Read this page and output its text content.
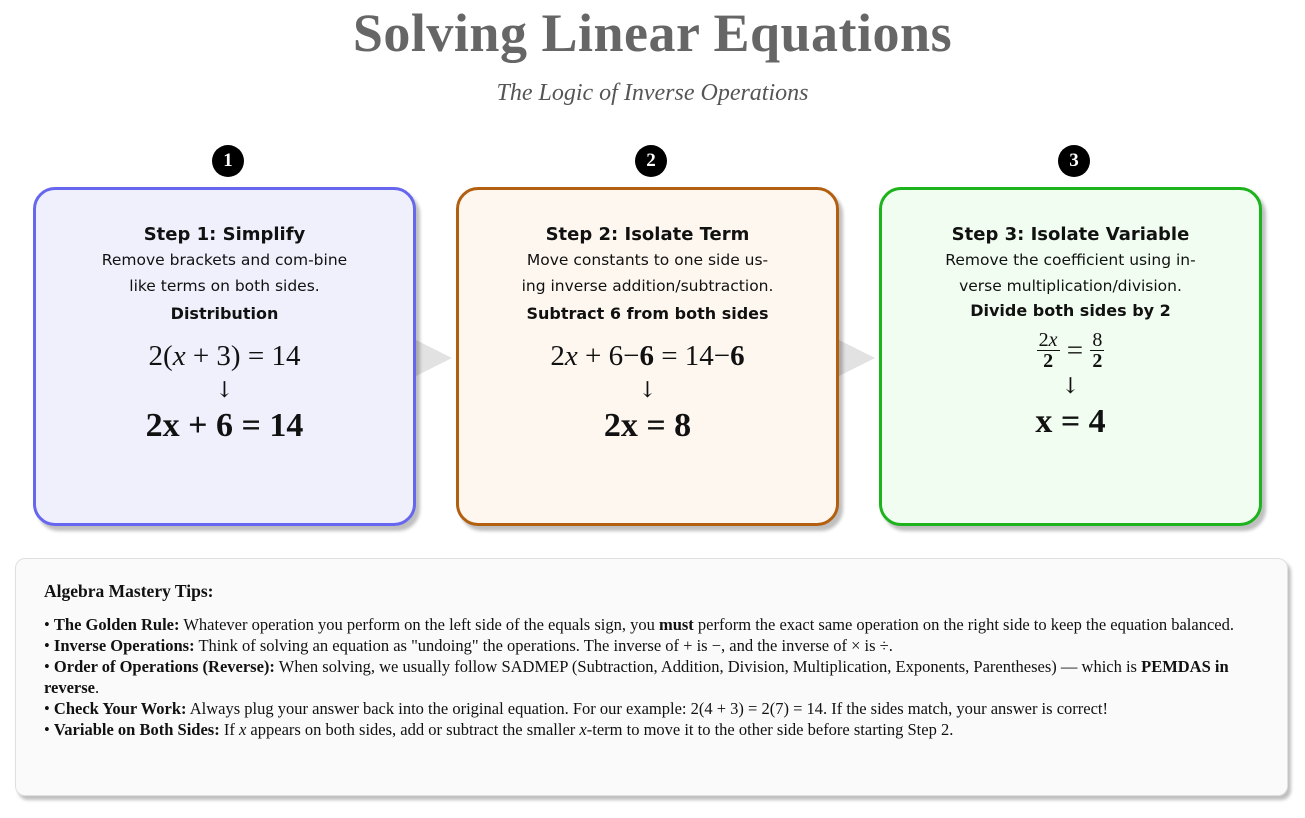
Solving Linear Equations
The Logic of Inverse Operations
1	2	3
Step 1: Simplify
Remove brackets and com-bine like terms on both sides.
Distribution
2(x + 3) = 14
↓
2x + 6 = 14
Step 2: Isolate Term
Move constants to one side us-ing inverse addition/subtraction.
Subtract 6 from both sides
2x + 6−6 = 14−6
↓
2x = 8
Step 3: Isolate Variable
Remove the coefficient using in-verse multiplication/division.
Divide both sides by 2
$\frac{2x}{2} = \frac{8}{2}$
↓
x = 4
Algebra Mastery Tips:
• The Golden Rule: Whatever operation you perform on the left side of the equals sign, you must perform the exact same operation on the right side to keep the equation balanced.
• Inverse Operations: Think of solving an equation as "undoing" the operations. The inverse of + is −, and the inverse of × is ÷.
• Order of Operations (Reverse): When solving, we usually follow SADMEP (Subtraction, Addition, Division, Multiplication, Exponents, Parentheses) — which is PEMDAS in reverse.
• Check Your Work: Always plug your answer back into the original equation. For our example: 2(4 + 3) = 2(7) = 14. If the sides match, your answer is correct!
• Variable on Both Sides: If x appears on both sides, add or subtract the smaller x-term to move it to the other side before starting Step 2.
